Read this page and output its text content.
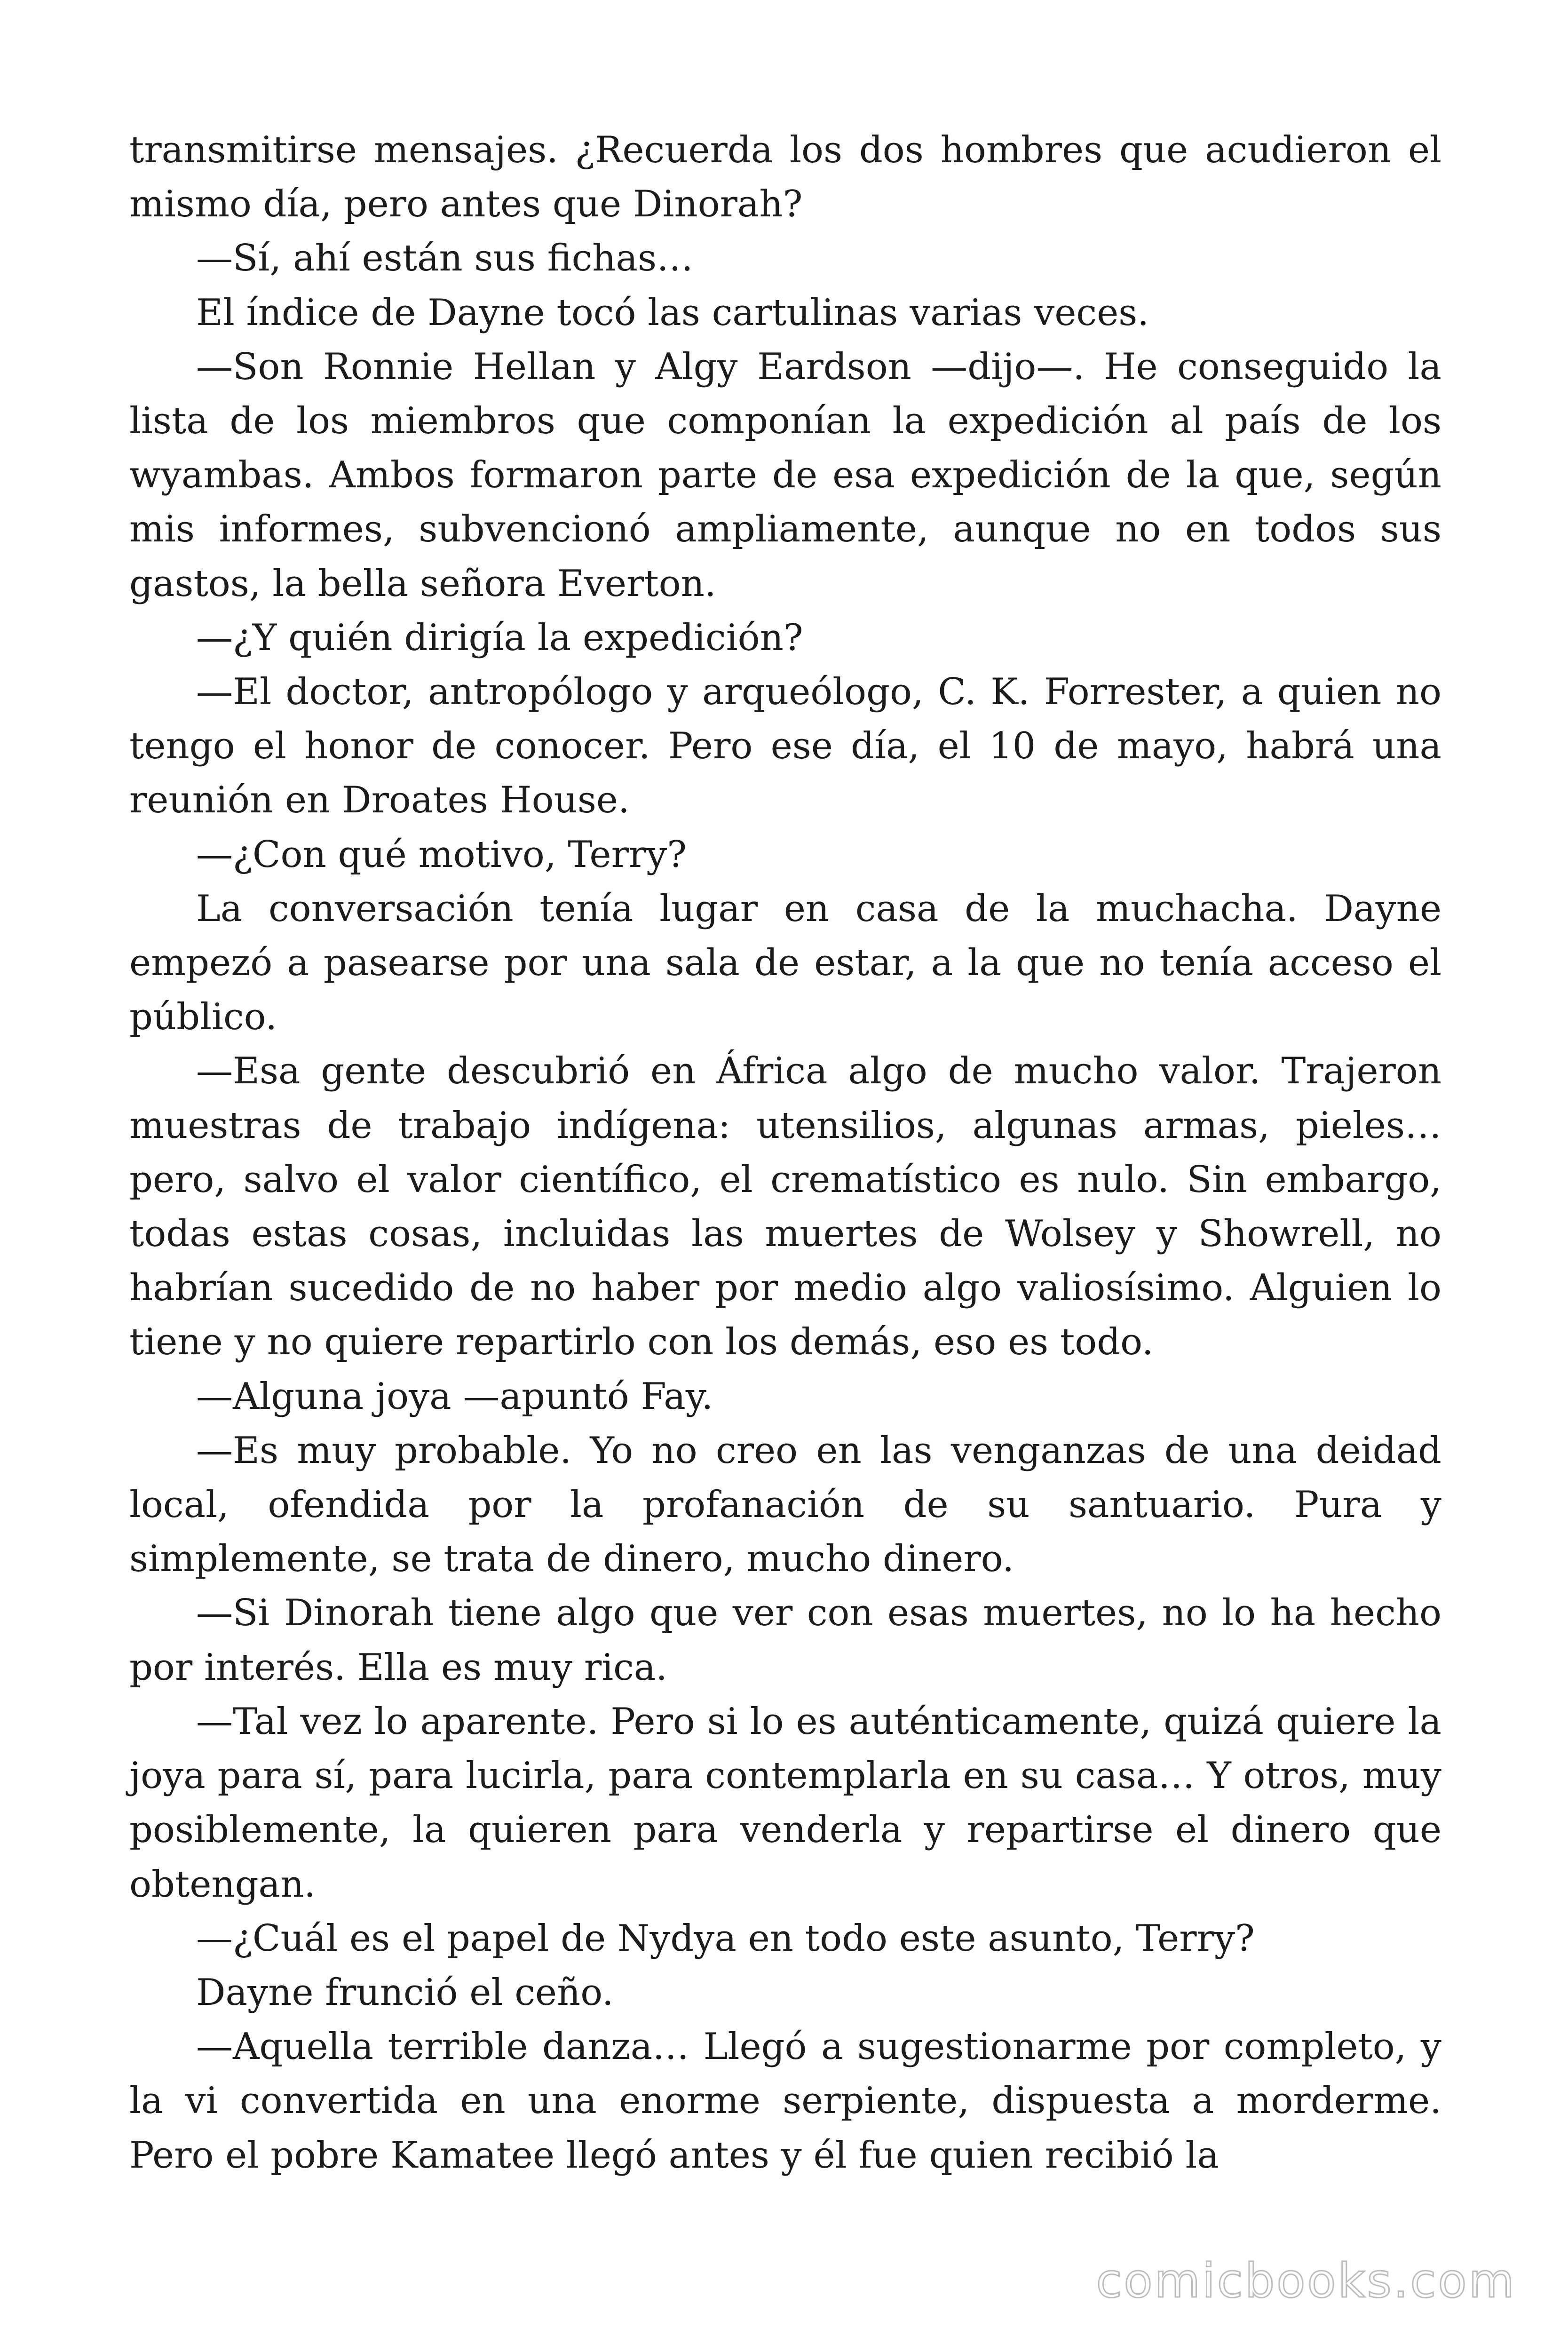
transmitirse mensajes. ¿Recuerda los dos hombres que acudieron el mismo día, pero antes que Dinorah?

—Sí, ahí están sus fichas…

El índice de Dayne tocó las cartulinas varias veces.

—Son Ronnie Hellan y Algy Eardson —dijo—. He conseguido la lista de los miembros que componían la expedición al país de los wyambas. Ambos formaron parte de esa expedición de la que, según mis informes, subvencionó ampliamente, aunque no en todos sus gastos, la bella señora Everton.

—¿Y quién dirigía la expedición?

—El doctor, antropólogo y arqueólogo, C. K. Forrester, a quien no tengo el honor de conocer. Pero ese día, el 10 de mayo, habrá una reunión en Droates House.

—¿Con qué motivo, Terry?

La conversación tenía lugar en casa de la muchacha. Dayne empezó a pasearse por una sala de estar, a la que no tenía acceso el público.

—Esa gente descubrió en África algo de mucho valor. Trajeron muestras de trabajo indígena: utensilios, algunas armas, pieles… pero, salvo el valor científico, el crematístico es nulo. Sin embargo, todas estas cosas, incluidas las muertes de Wolsey y Showrell, no habrían sucedido de no haber por medio algo valiosísimo. Alguien lo tiene y no quiere repartirlo con los demás, eso es todo.

—Alguna joya —apuntó Fay.

—Es muy probable. Yo no creo en las venganzas de una deidad local, ofendida por la profanación de su santuario. Pura y simplemente, se trata de dinero, mucho dinero.

—Si Dinorah tiene algo que ver con esas muertes, no lo ha hecho por interés. Ella es muy rica.

—Tal vez lo aparente. Pero si lo es auténticamente, quizá quiere la joya para sí, para lucirla, para contemplarla en su casa… Y otros, muy posiblemente, la quieren para venderla y repartirse el dinero que obtengan.

—¿Cuál es el papel de Nydya en todo este asunto, Terry?

Dayne frunció el ceño.

—Aquella terrible danza… Llegó a sugestionarme por completo, y la vi convertida en una enorme serpiente, dispuesta a morderme. Pero el pobre Kamatee llegó antes y él fue quien recibió la

comicbooks.com
